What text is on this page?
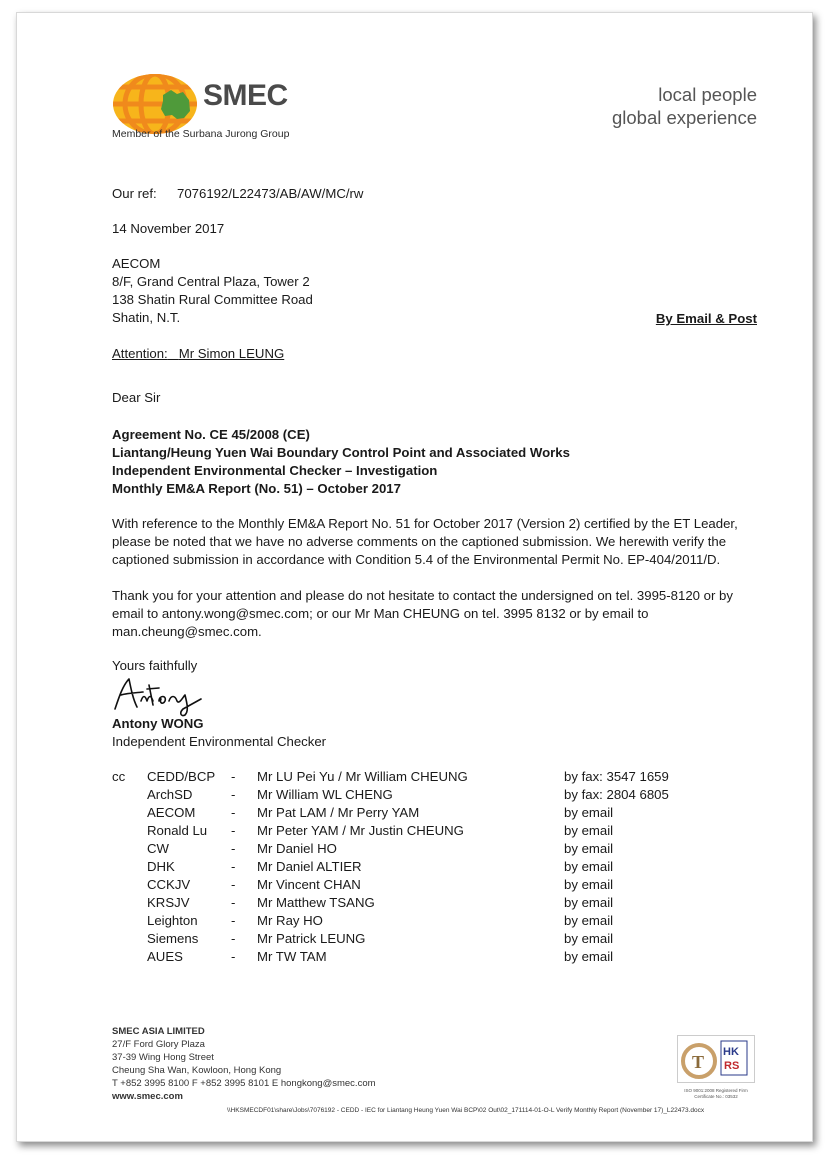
SMEC
Member of the Surbana Jurong Group
local people
global experience
Our ref: 7076192/L22473/AB/AW/MC/rw
14 November 2017
AECOM
8/F, Grand Central Plaza, Tower 2
138 Shatin Rural Committee Road
Shatin, N.T.	By Email & Post
Attention: Mr Simon LEUNG
Dear Sir
Agreement No. CE 45/2008 (CE)
Liantang/Heung Yuen Wai Boundary Control Point and Associated Works
Independent Environmental Checker – Investigation
Monthly EM&A Report (No. 51) – October 2017
With reference to the Monthly EM&A Report No. 51 for October 2017 (Version 2) certified by the ET Leader,
please be noted that we have no adverse comments on the captioned submission. We herewith verify the
captioned submission in accordance with Condition 5.4 of the Environmental Permit No. EP-404/2011/D.
Thank you for your attention and please do not hesitate to contact the undersigned on tel. 3995-8120 or by
email to antony.wong@smec.com; or our Mr Man CHEUNG on tel. 3995 8132 or by email to
man.cheung@smec.com.
Yours faithfully
Antony WONG
Independent Environmental Checker
cc CEDD/BCP - Mr LU Pei Yu / Mr William CHEUNG	by fax: 3547 1659
ArchSD	- Mr William WL CHENG	by fax: 2804 6805
AECOM	- Mr Pat LAM / Mr Perry YAM	by email
Ronald Lu - Mr Peter YAM / Mr Justin CHEUNG	by email
CW	- Mr Daniel HO	by email
DHK	- Mr Daniel ALTIER	by email
CCKJV	- Mr Vincent CHAN	by email
KRSJV	- Mr Matthew TSANG	by email
Leighton	- Mr Ray HO	by email
Siemens - Mr Patrick LEUNG	by email
AUES	- Mr TW TAM	by email
SMEC ASIA LIMITED
27/F Ford Glory Plaza
37-39 Wing Hong Street
Cheung Sha Wan, Kowloon, Hong Kong
T +852 3995 8100 F +852 3995 8101 E hongkong@smec.com
www.smec.com
T HK
RS
ISO 9001:2008 Registered Firm Certificate No.: 03532
\\HKSMECDF01\share\Jobs\7076192 - CEDD - IEC for Liantang Heung Yuen Wai BCP\02 Out\02_171114-01-O-L Verify Monthly Report (November 17)_L22473.docx
